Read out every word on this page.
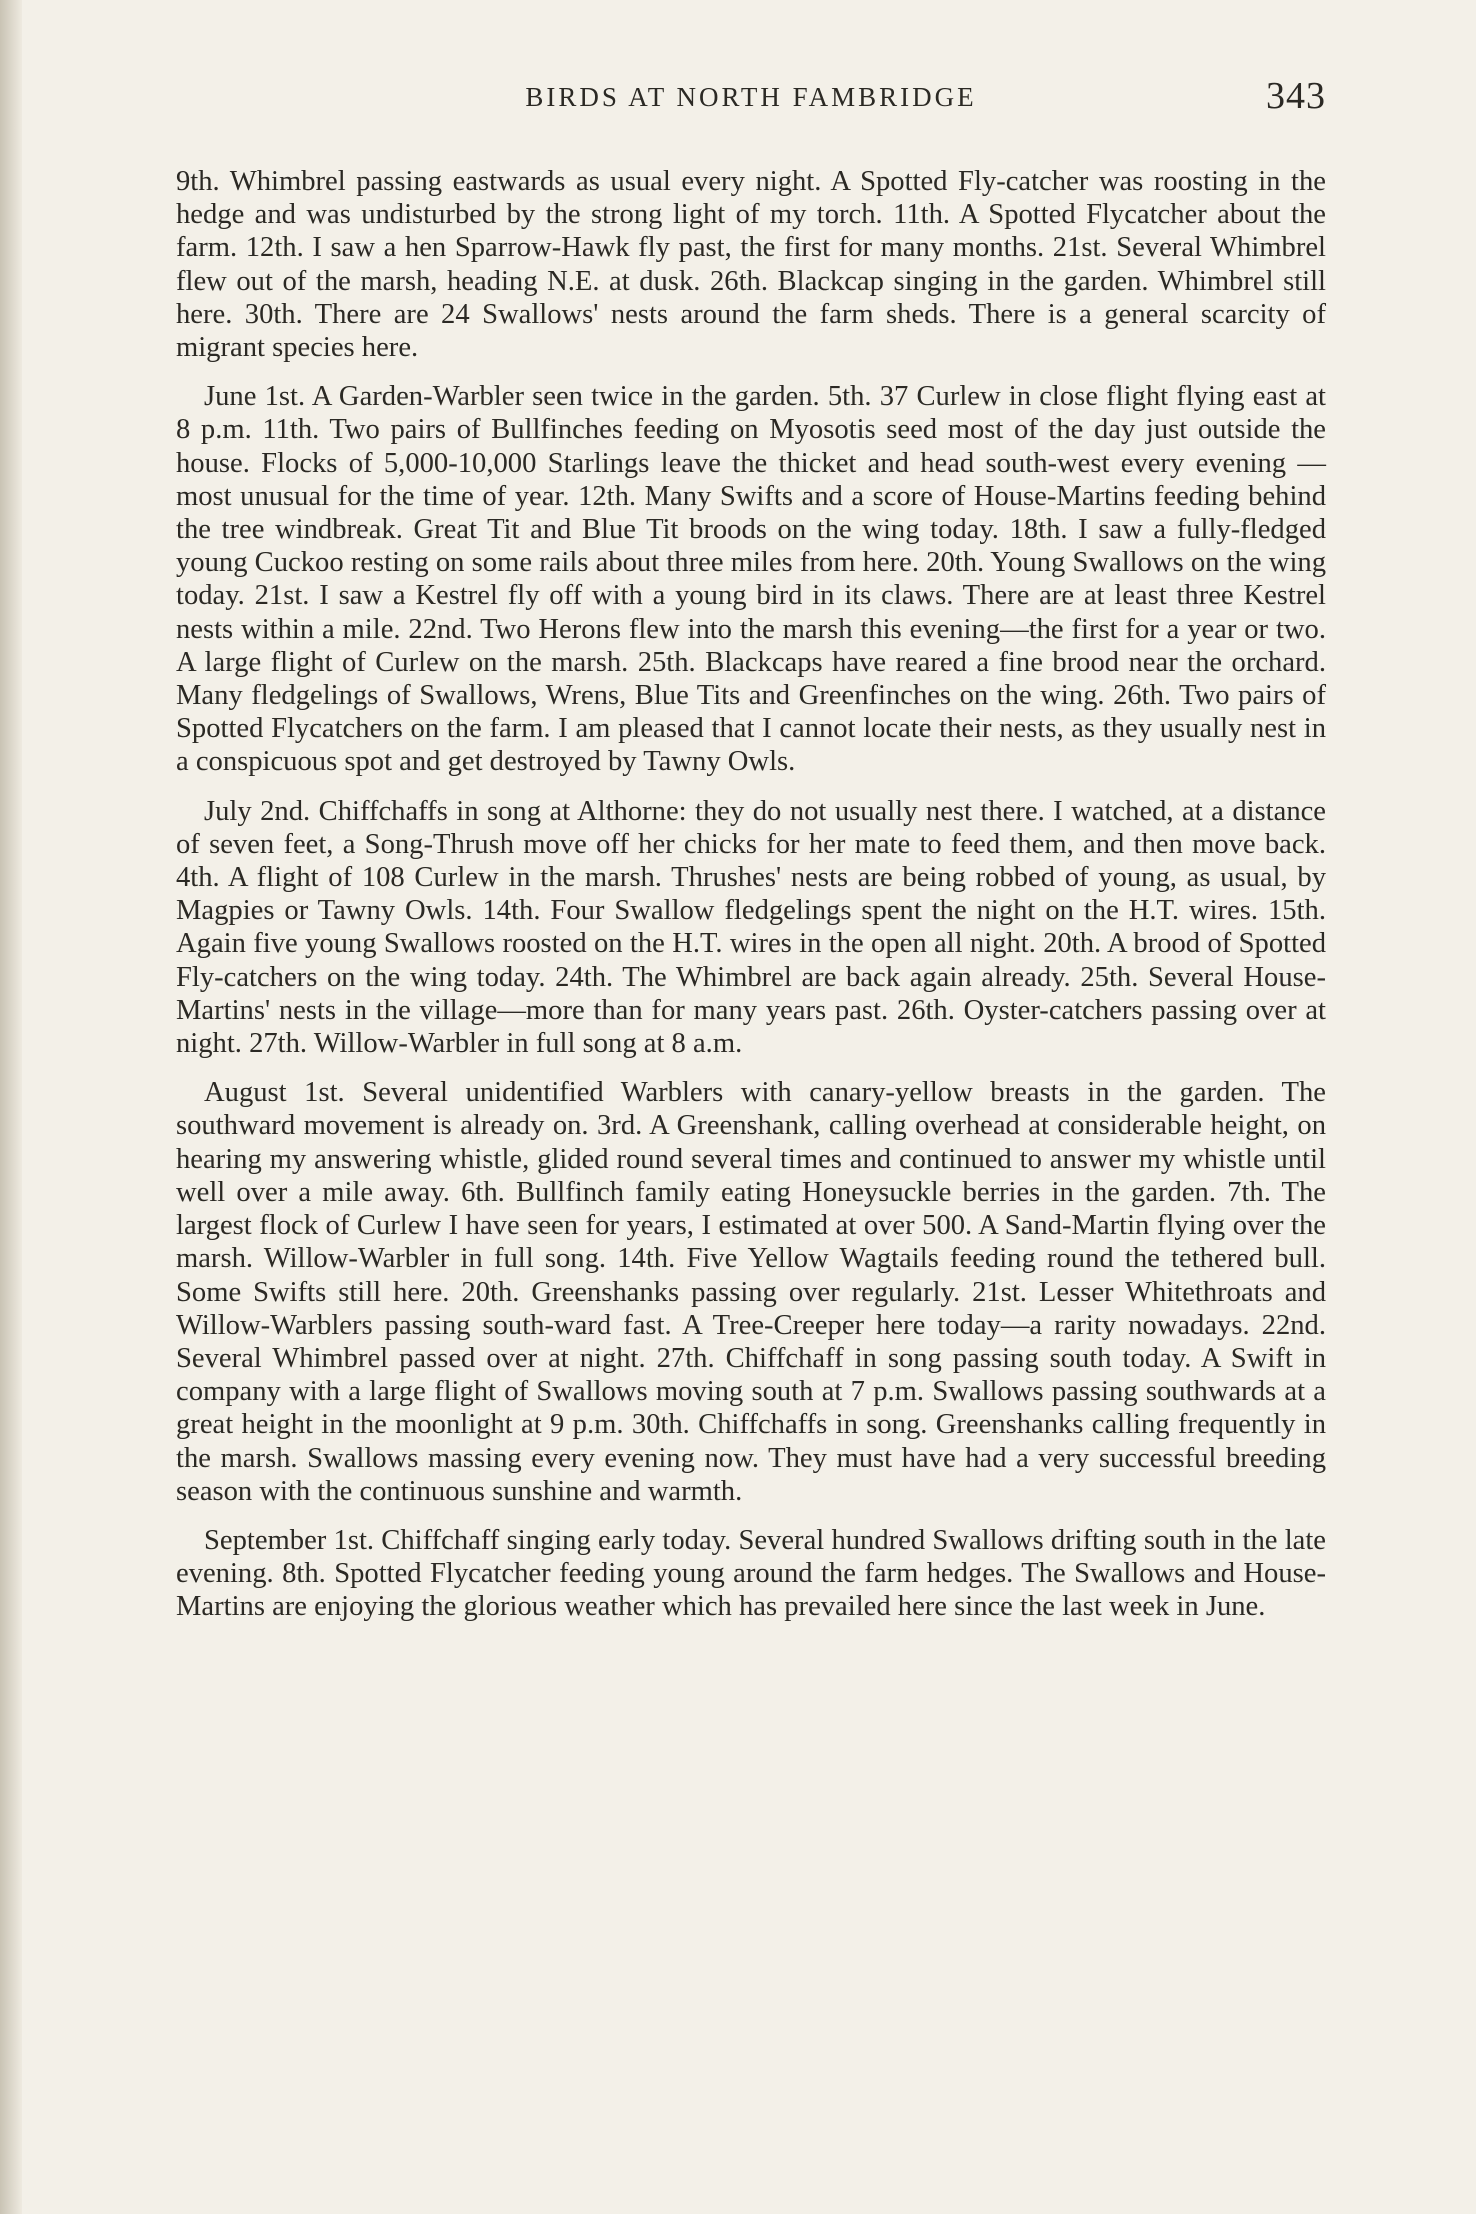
BIRDS AT NORTH FAMBRIDGE	343

9th. Whimbrel passing eastwards as usual every night. A Spotted Fly-catcher was roosting in the hedge and was undisturbed by the strong light of my torch. 11th. A Spotted Flycatcher about the farm. 12th. I saw a hen Sparrow-Hawk fly past, the first for many months. 21st. Several Whimbrel flew out of the marsh, heading N.E. at dusk. 26th. Blackcap singing in the garden. Whimbrel still here. 30th. There are 24 Swallows' nests around the farm sheds. There is a general scarcity of migrant species here.

June 1st. A Garden-Warbler seen twice in the garden. 5th. 37 Curlew in close flight flying east at 8 p.m. 11th. Two pairs of Bullfinches feeding on Myosotis seed most of the day just outside the house. Flocks of 5,000-10,000 Starlings leave the thicket and head south-west every evening —most unusual for the time of year. 12th. Many Swifts and a score of House-Martins feeding behind the tree windbreak. Great Tit and Blue Tit broods on the wing today. 18th. I saw a fully-fledged young Cuckoo resting on some rails about three miles from here. 20th. Young Swallows on the wing today. 21st. I saw a Kestrel fly off with a young bird in its claws. There are at least three Kestrel nests within a mile. 22nd. Two Herons flew into the marsh this evening—the first for a year or two. A large flight of Curlew on the marsh. 25th. Blackcaps have reared a fine brood near the orchard. Many fledgelings of Swallows, Wrens, Blue Tits and Greenfinches on the wing. 26th. Two pairs of Spotted Flycatchers on the farm. I am pleased that I cannot locate their nests, as they usually nest in a conspicuous spot and get destroyed by Tawny Owls.

July 2nd. Chiffchaffs in song at Althorne: they do not usually nest there. I watched, at a distance of seven feet, a Song-Thrush move off her chicks for her mate to feed them, and then move back. 4th. A flight of 108 Curlew in the marsh. Thrushes' nests are being robbed of young, as usual, by Magpies or Tawny Owls. 14th. Four Swallow fledgelings spent the night on the H.T. wires. 15th. Again five young Swallows roosted on the H.T. wires in the open all night. 20th. A brood of Spotted Fly-catchers on the wing today. 24th. The Whimbrel are back again already. 25th. Several House-Martins' nests in the village—more than for many years past. 26th. Oyster-catchers passing over at night. 27th. Willow-Warbler in full song at 8 a.m.

August 1st. Several unidentified Warblers with canary-yellow breasts in the garden. The southward movement is already on. 3rd. A Greenshank, calling overhead at considerable height, on hearing my answering whistle, glided round several times and continued to answer my whistle until well over a mile away. 6th. Bullfinch family eating Honeysuckle berries in the garden. 7th. The largest flock of Curlew I have seen for years, I estimated at over 500. A Sand-Martin flying over the marsh. Willow-Warbler in full song. 14th. Five Yellow Wagtails feeding round the tethered bull. Some Swifts still here. 20th. Greenshanks passing over regularly. 21st. Lesser Whitethroats and Willow-Warblers passing south-ward fast. A Tree-Creeper here today—a rarity nowadays. 22nd. Several Whimbrel passed over at night. 27th. Chiffchaff in song passing south today. A Swift in company with a large flight of Swallows moving south at 7 p.m. Swallows passing southwards at a great height in the moonlight at 9 p.m. 30th. Chiffchaffs in song. Greenshanks calling frequently in the marsh. Swallows massing every evening now. They must have had a very successful breeding season with the continuous sunshine and warmth.

September 1st. Chiffchaff singing early today. Several hundred Swallows drifting south in the late evening. 8th. Spotted Flycatcher feeding young around the farm hedges. The Swallows and House-Martins are enjoying the glorious weather which has prevailed here since the last week in June.
